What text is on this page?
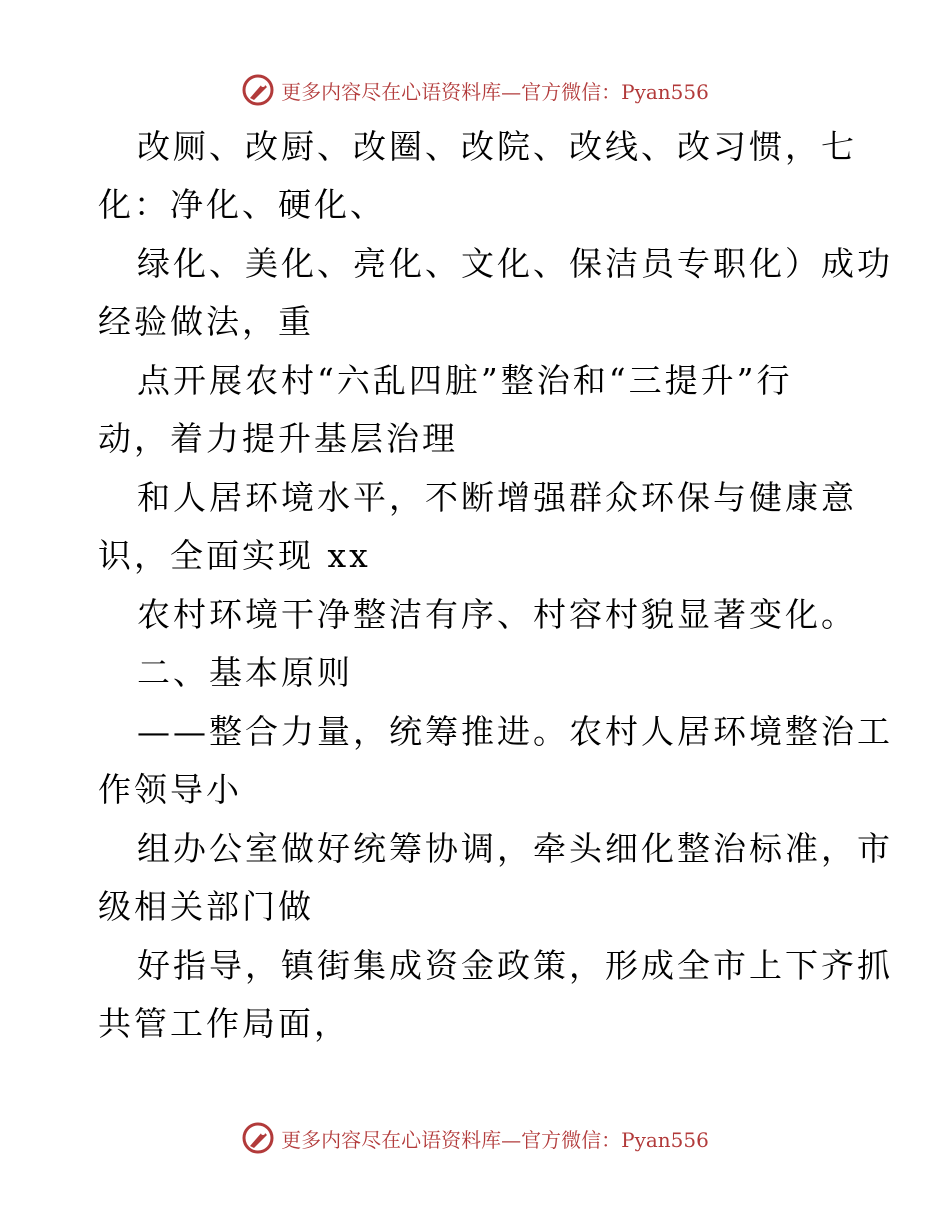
更多内容尽在心语资料库—官方微信：Pyan556
改厕、改厨、改圈、改院、改线、改习惯，七
化：净化、硬化、
绿化、美化、亮化、文化、保洁员专职化）成功
经验做法，重
点开展农村“六乱四脏”整治和“三提升”行
动，着力提升基层治理
和人居环境水平，不断增强群众环保与健康意
识，全面实现 xx
农村环境干净整洁有序、村容村貌显著变化。
二、基本原则
——整合力量，统筹推进。农村人居环境整治工
作领导小
组办公室做好统筹协调，牵头细化整治标准，市
级相关部门做
好指导，镇街集成资金政策，形成全市上下齐抓
共管工作局面，
更多内容尽在心语资料库—官方微信：Pyan556
